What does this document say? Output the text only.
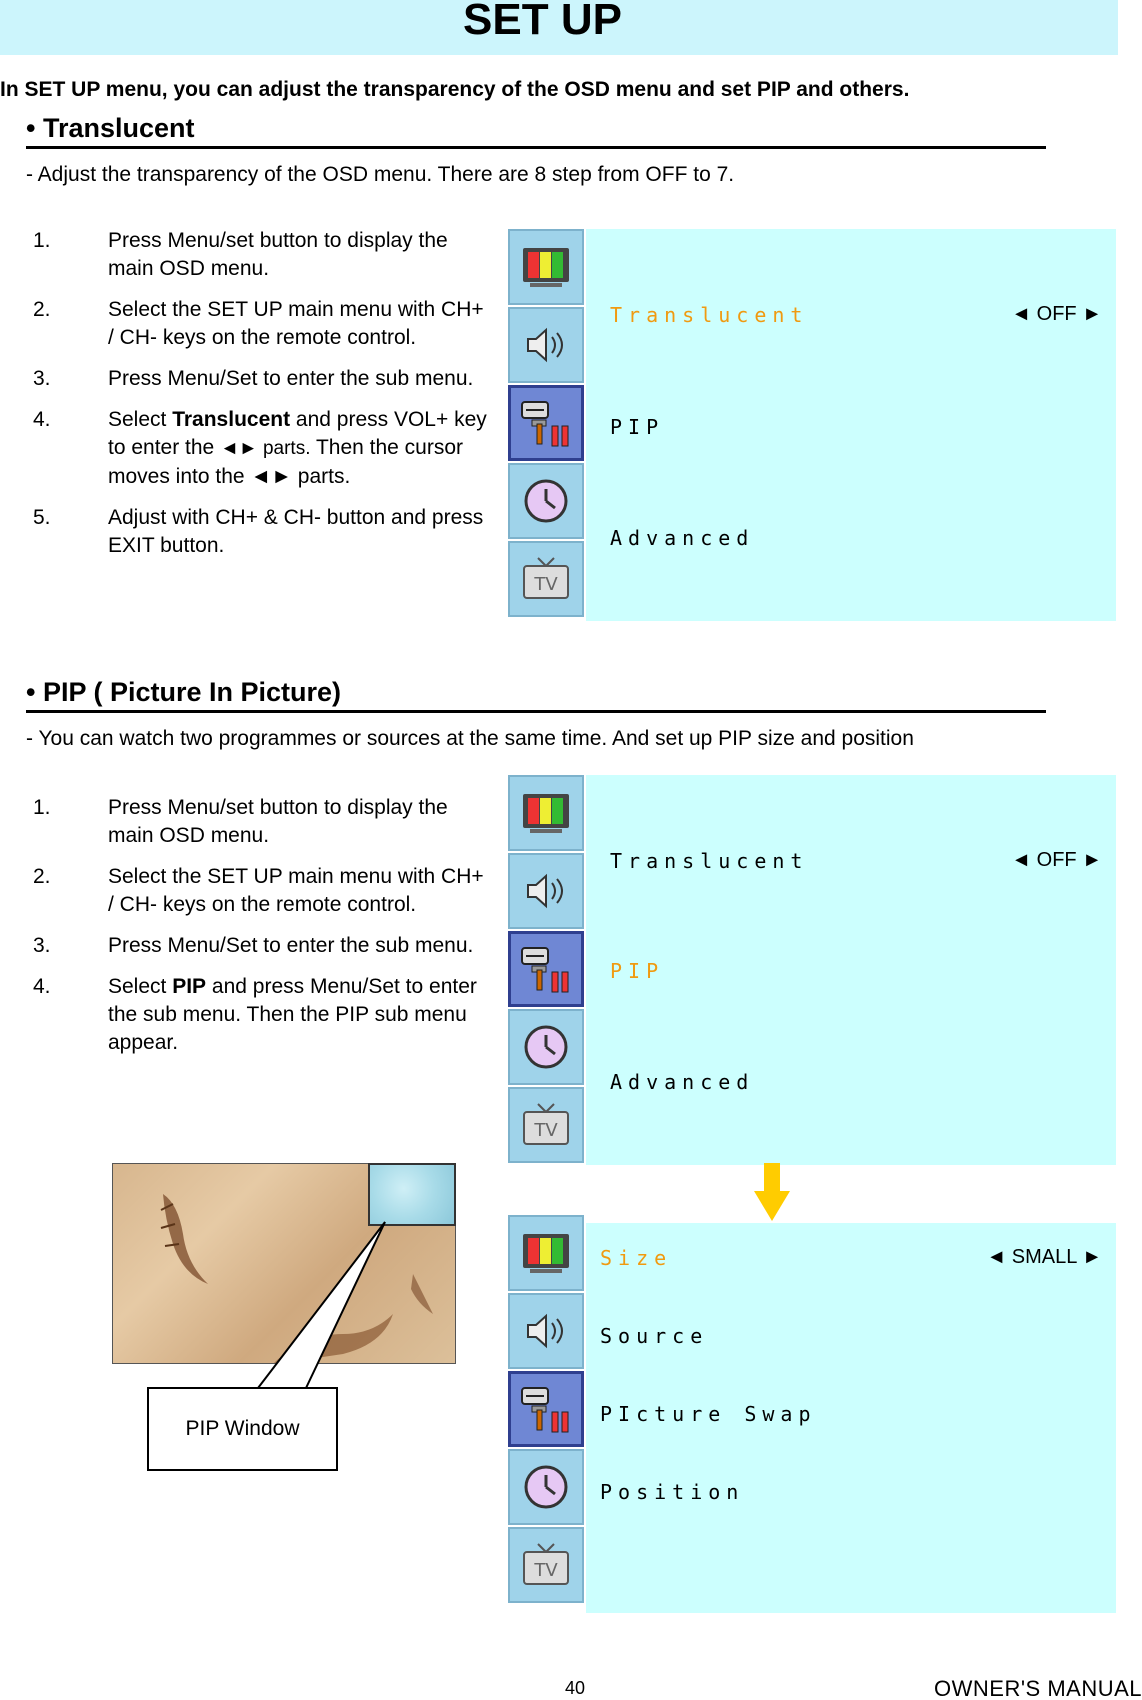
SET UP
In SET UP menu, you can adjust the transparency of the OSD menu and set PIP and others.
• Translucent
- Adjust the transparency of the OSD menu. There are 8 step from OFF to 7.
1.	Press Menu/set button to display the main OSD menu.
2.	Select the SET UP main menu with CH+ / CH- keys on the remote control.
3.	Press Menu/Set to enter the sub menu.
4.	Select Translucent and press VOL+ key to enter the ◄► parts. Then the cursor moves into the ◄► parts.
5.	Adjust with CH+ & CH- button and press EXIT button.
TV
Translucent	◄ OFF ►
PIP
Advanced
• PIP ( Picture In Picture)
- You can watch two programmes or sources at the same time. And set up PIP size and position
1.	Press Menu/set button to display the main OSD menu.
2.	Select the SET UP main menu with CH+ / CH- keys on the remote control.
3.	Press Menu/Set to enter the sub menu.
4.	Select PIP and press Menu/Set to enter the sub menu. Then the PIP sub menu appear.
TV
Translucent	◄ OFF ►
PIP
Advanced
TV
Size	◄ SMALL ►
Source
PIcture Swap
Position
PIP Window
40	OWNER'S MANUAL
